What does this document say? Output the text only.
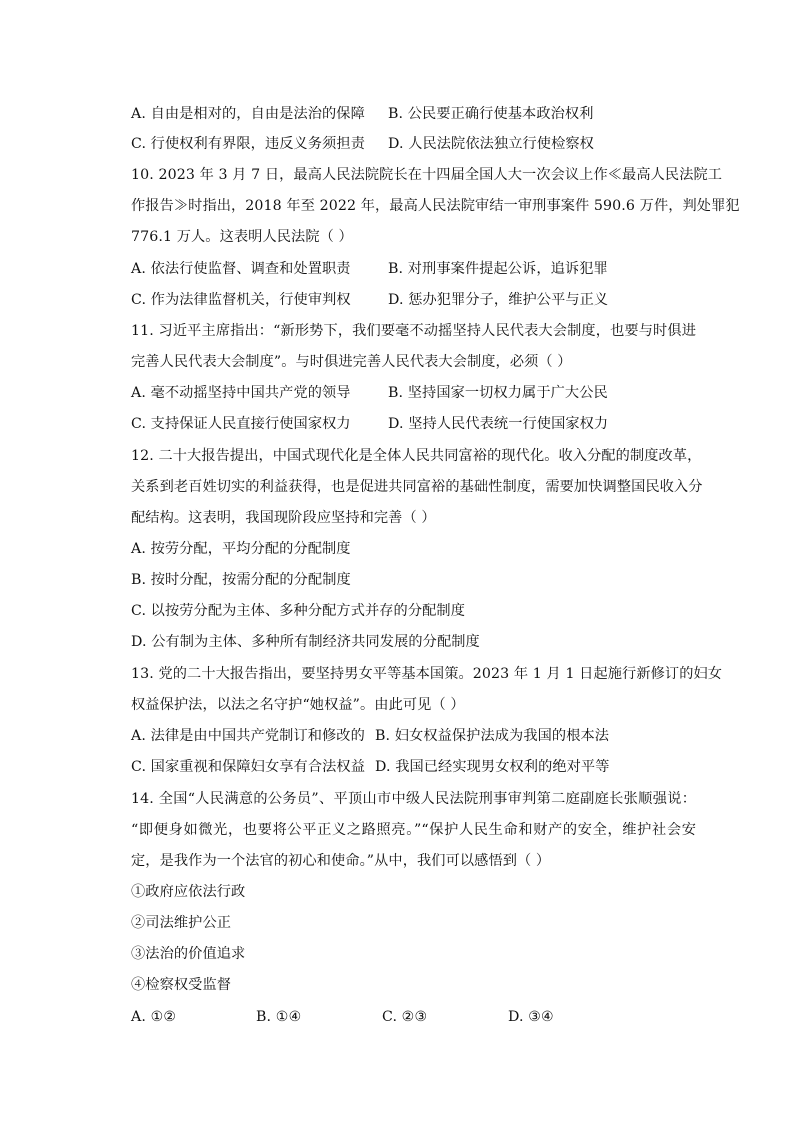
A. 自由是相对的，自由是法治的保障 B. 公民要正确行使基本政治权利
C. 行使权利有界限，违反义务须担责 D. 人民法院依法独立行使检察权
10. 2023 年 3 月 7 日，最高人民法院院长在十四届全国人大一次会议上作≪最高人民法院工
作报告≫时指出，2018 年至 2022 年，最高人民法院审结一审刑事案件 590.6 万件，判处罪犯
776.1 万人。这表明人民法院（ ）
A. 依法行使监督、调查和处置职责	B. 对刑事案件提起公诉，追诉犯罪
C. 作为法律监督机关，行使审判权	D. 惩办犯罪分子，维护公平与正义
11. 习近平主席指出：“新形势下，我们要毫不动摇坚持人民代表大会制度，也要与时俱进
完善人民代表大会制度”。与时俱进完善人民代表大会制度，必须（ ）
A. 毫不动摇坚持中国共产党的领导	B. 坚持国家一切权力属于广大公民
C. 支持保证人民直接行使国家权力	D. 坚持人民代表统一行使国家权力
12. 二十大报告提出，中国式现代化是全体人民共同富裕的现代化。收入分配的制度改革，
关系到老百姓切实的利益获得，也是促进共同富裕的基础性制度，需要加快调整国民收入分
配结构。这表明，我国现阶段应坚持和完善（ ）
A. 按劳分配，平均分配的分配制度
B. 按时分配，按需分配的分配制度
C. 以按劳分配为主体、多种分配方式并存的分配制度
D. 公有制为主体、多种所有制经济共同发展的分配制度
13. 党的二十大报告指出，要坚持男女平等基本国策。2023 年 1 月 1 日起施行新修订的妇女
权益保护法，以法之名守护“她权益”。由此可见（ ）
A. 法律是由中国共产党制订和修改的 B. 妇女权益保护法成为我国的根本法
C. 国家重视和保障妇女享有合法权益 D. 我国已经实现男女权利的绝对平等
14. 全国“人民满意的公务员”、平顶山市中级人民法院刑事审判第二庭副庭长张顺强说：
“即便身如微光，也要将公平正义之路照亮。”“保护人民生命和财产的安全，维护社会安
定，是我作为一个法官的初心和使命。”从中，我们可以感悟到（ ）
①政府应依法行政
②司法维护公正
③法治的价值追求
④检察权受监督
A. ①②	B. ①④	C. ②③	D. ③④
